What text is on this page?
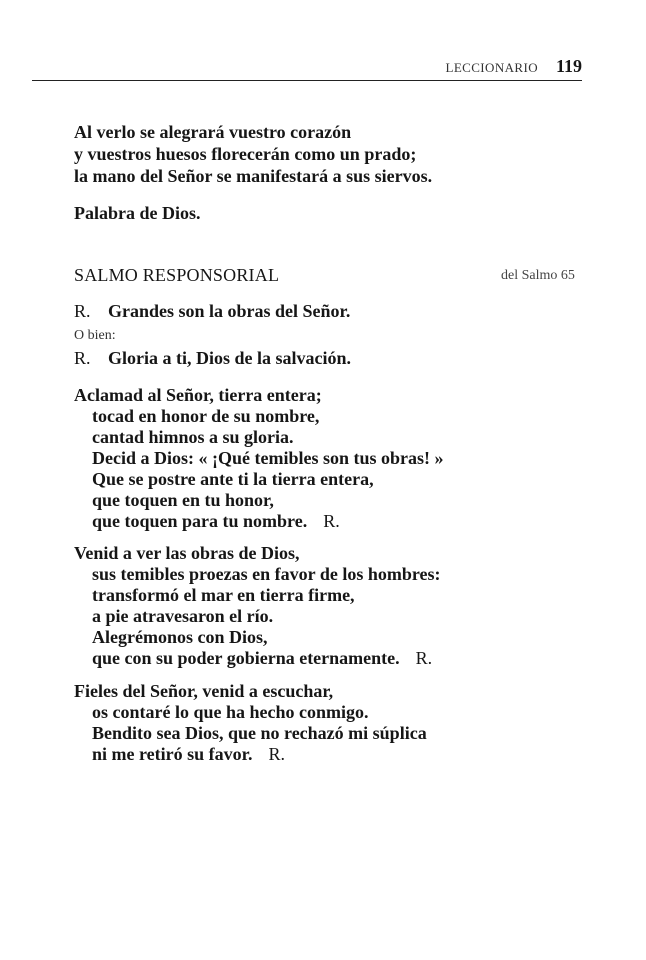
LECCIONARIO 119
Al verlo se alegrará vuestro corazón
y vuestros huesos florecerán como un prado;
la mano del Señor se manifestará a sus siervos.
Palabra de Dios.
SALMO RESPONSORIAL	del Salmo 65
R. Grandes son la obras del Señor.
O bien:
R. Gloria a ti, Dios de la salvación.
Aclamad al Señor, tierra entera;
tocad en honor de su nombre,
cantad himnos a su gloria.
Decid a Dios: « ¡Qué temibles son tus obras! »
Que se postre ante ti la tierra entera,
que toquen en tu honor,
que toquen para tu nombre. R.
Venid a ver las obras de Dios,
sus temibles proezas en favor de los hombres:
transformó el mar en tierra firme,
a pie atravesaron el río.
Alegrémonos con Dios,
que con su poder gobierna eternamente. R.
Fieles del Señor, venid a escuchar,
os contaré lo que ha hecho conmigo.
Bendito sea Dios, que no rechazó mi súplica
ni me retiró su favor. R.
